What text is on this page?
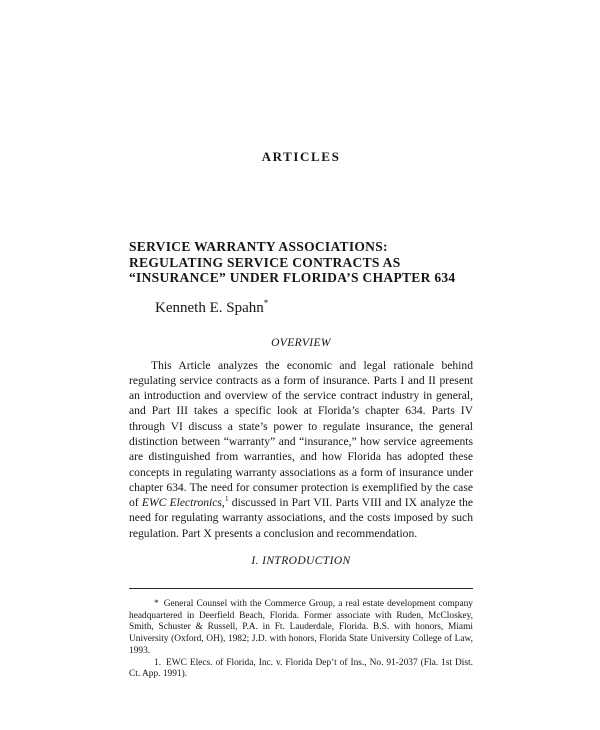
ARTICLES
SERVICE WARRANTY ASSOCIATIONS:
REGULATING SERVICE CONTRACTS AS
“INSURANCE” UNDER FLORIDA’S CHAPTER 634
Kenneth E. Spahn*
OVERVIEW

This Article analyzes the economic and legal rationale behind regulating service contracts as a form of insurance. Parts I and II present an introduction and overview of the service contract industry in general, and Part III takes a specific look at Florida’s chapter 634. Parts IV through VI discuss a state’s power to regulate insurance, the general distinction between “warranty” and “insurance,” how service agreements are distinguished from warranties, and how Florida has adopted these concepts in regulating warranty associations as a form of insurance under chapter 634. The need for consumer protection is exemplified by the case of EWC Electronics,$^1$ discussed in Part VII. Parts VIII and IX analyze the need for regulating warranty associations, and the costs imposed by such regulation. Part X presents a conclusion and recommendation.

I. INTRODUCTION

* General Counsel with the Commerce Group, a real estate development company headquartered in Deerfield Beach, Florida. Former associate with Ruden, McCloskey, Smith, Schuster & Russell, P.A. in Ft. Lauderdale, Florida. B.S. with honors, Miami University (Oxford, OH), 1982; J.D. with honors, Florida State University College of Law, 1993.

1. EWC Elecs. of Florida, Inc. v. Florida Dep’t of Ins., No. 91-2037 (Fla. 1st Dist. Ct. App. 1991).
